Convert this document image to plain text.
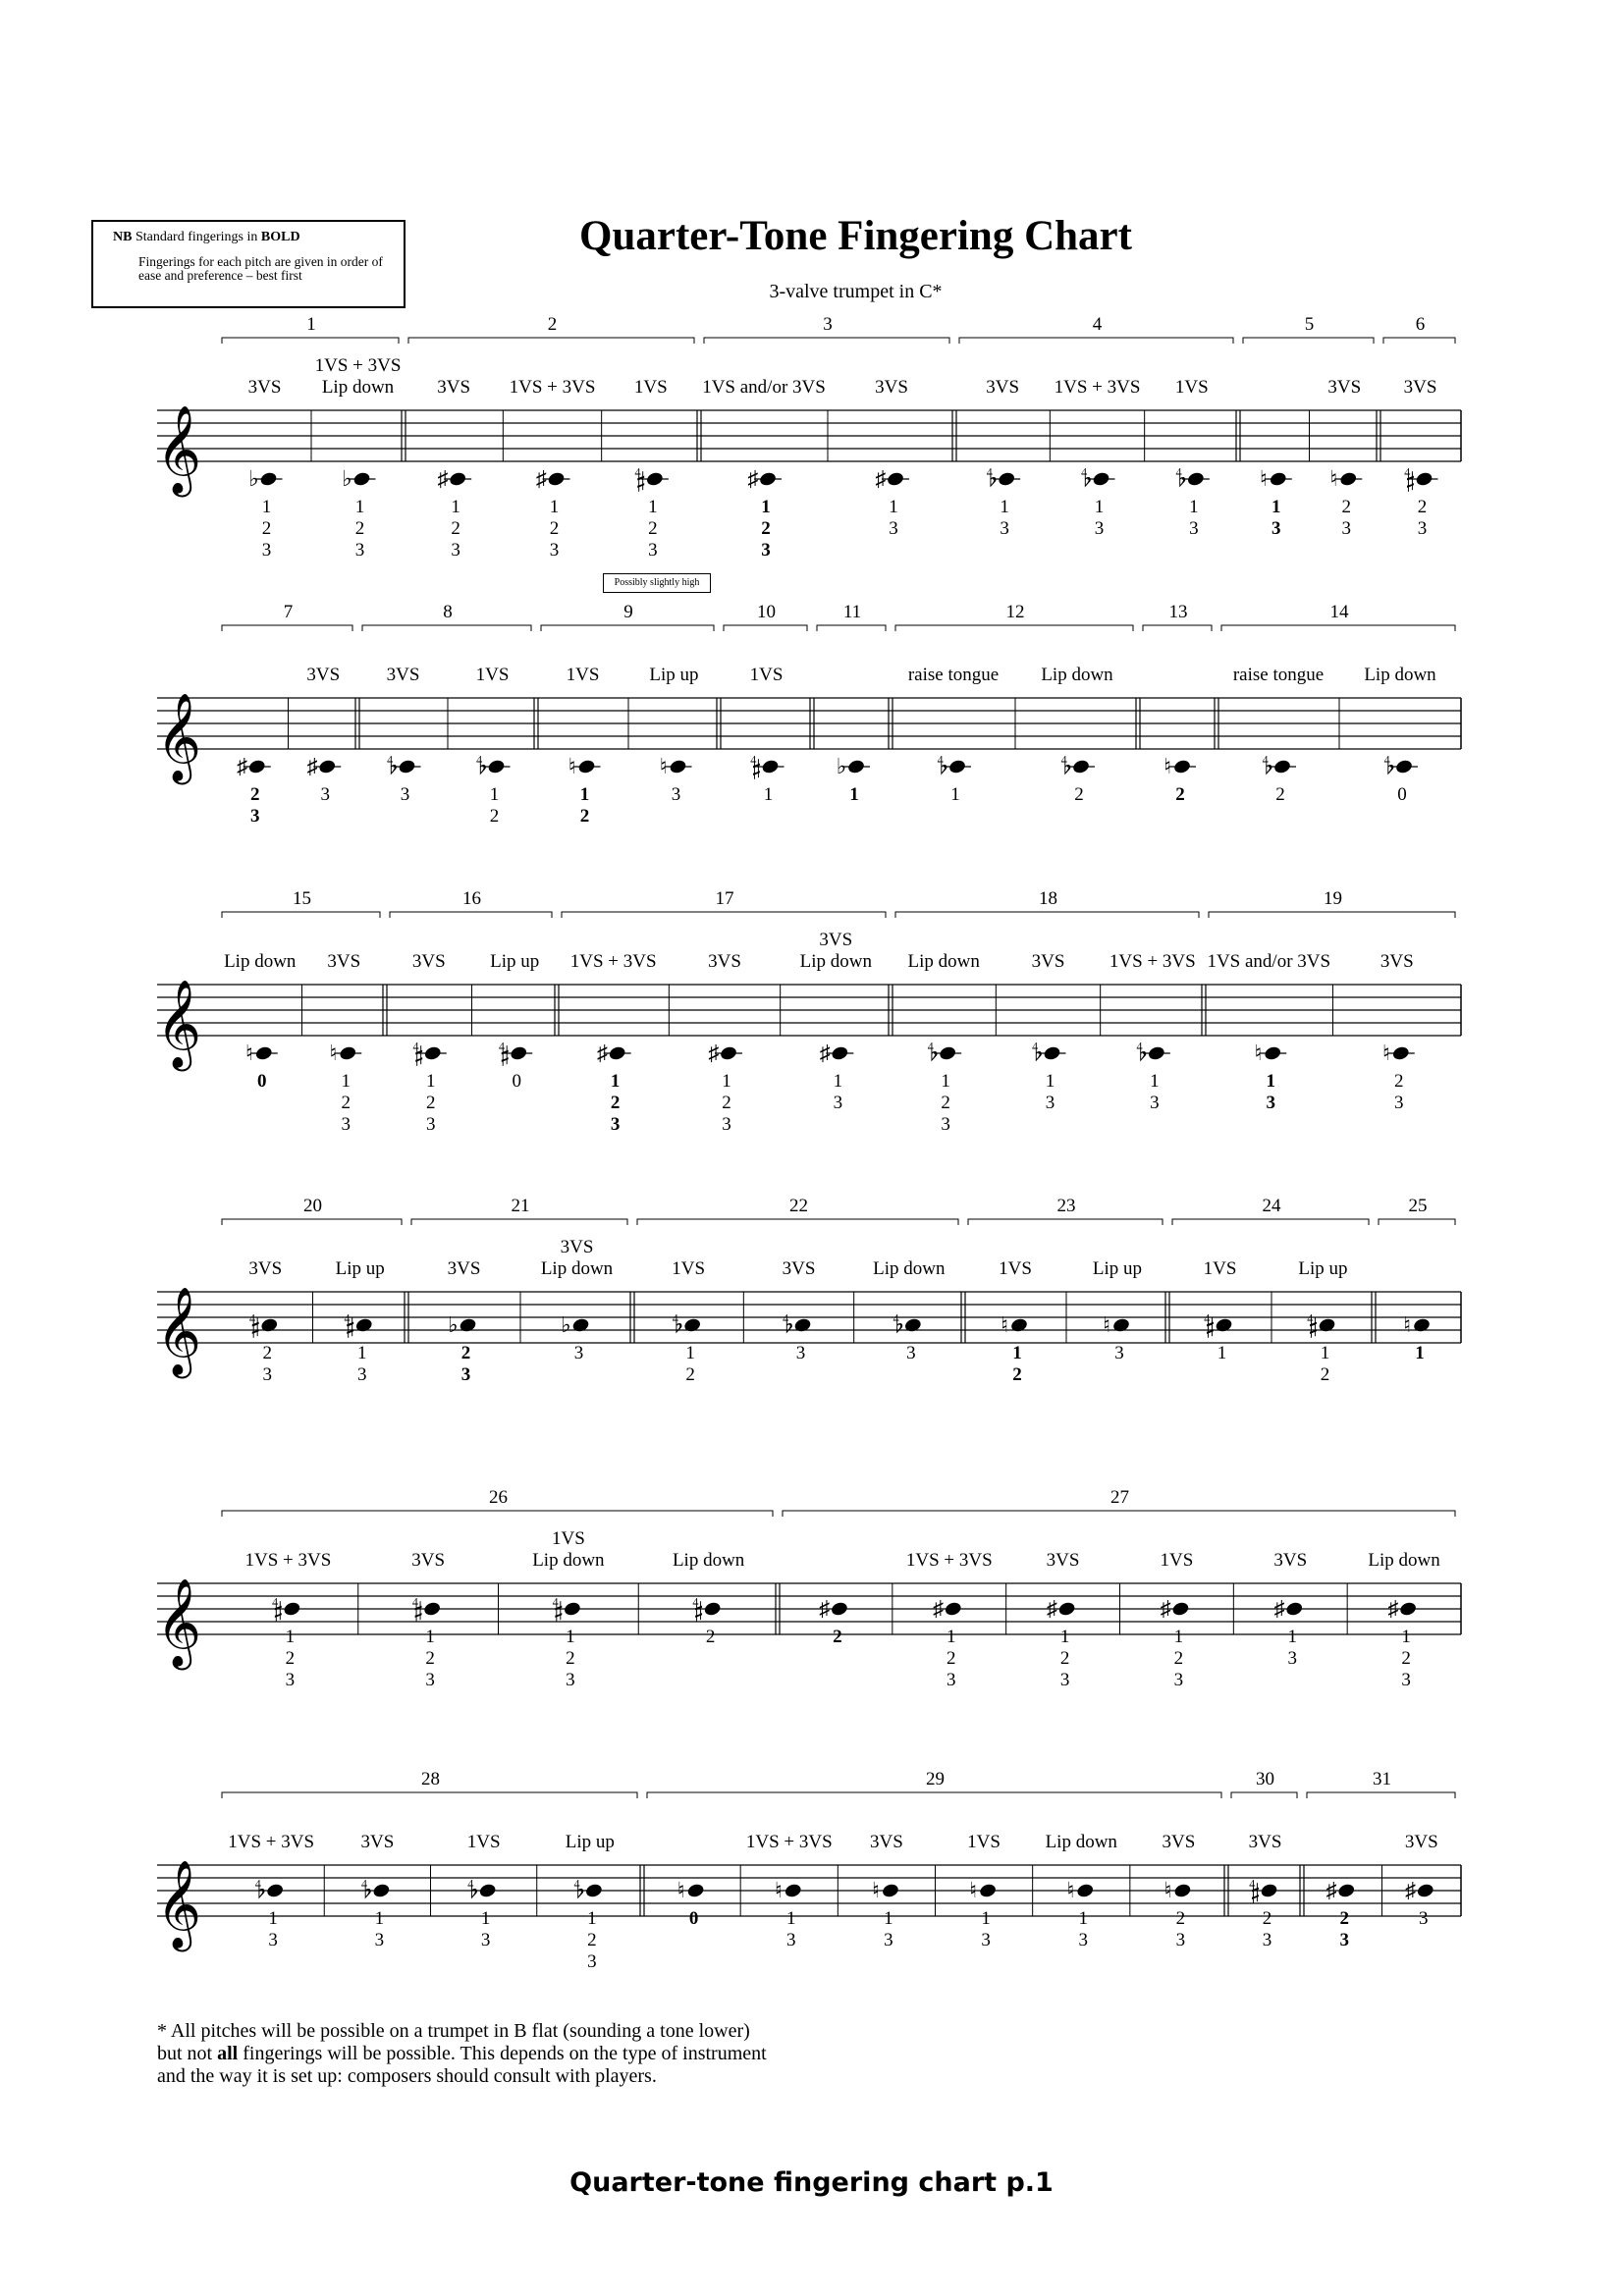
NB Standard fingerings in BOLD
Fingerings for each pitch are given in order of ease and preference – best first
Quarter-Tone Fingering Chart
3-valve trumpet in C*
𝄞
1
3VS
♭
1
2
3
1VS + 3VS
Lip down
♭
1
2
3
2
3VS
♯
1
2
3
1VS + 3VS
♯
1
2
3
1VS
𝄲
1
2
3
3
1VS and/or 3VS
♯
1
2
3
3VS
♯
1
3
4
3VS
𝄳
1
3
1VS + 3VS
𝄳
1
3
1VS
𝄳
1
3
5
♮
1
3
3VS
♮
2
3
6
3VS
𝄲
2
3
𝄞
7
♯
2
3
3VS
♯
3
8
3VS
𝄳
3
1VS
𝄳
1
2
9
1VS
♮
1
2
Lip up
♮
3
10
1VS
𝄲
1
11
♭
1
12
raise tongue
𝄳
1
Lip down
𝄳
2
13
♮
2
14
raise tongue
𝄳
2
Lip down
𝄳
0
𝄞
15
Lip down
♮
0
3VS
♮
1
2
3
16
3VS
𝄲
1
2
3
Lip up
𝄲
0
17
1VS + 3VS
♯
1
2
3
3VS
♯
1
2
3
3VS
Lip down
♯
1
3
18
Lip down
𝄳
1
2
3
3VS
𝄳
1
3
1VS + 3VS
𝄳
1
3
19
1VS and/or 3VS
♮
1
3
3VS
♮
2
3
𝄞
20
3VS
𝄲
2
3
Lip up
𝄲
1
3
21
3VS
♭
2
3
3VS
Lip down
♭
3
22
1VS
𝄳
1
2
3VS
𝄳
3
Lip down
𝄳
3
23
1VS
♮
1
2
Lip up
♮
3
24
1VS
𝄲
1
Lip up
𝄲
1
2
25
♮
1
𝄞
26
1VS + 3VS
𝄲
1
2
3
3VS
𝄲
1
2
3
1VS
Lip down
𝄲
1
2
3
Lip down
𝄲
2
27
♯
2
1VS + 3VS
♯
1
2
3
3VS
♯
1
2
3
1VS
♯
1
2
3
3VS
♯
1
3
Lip down
♯
1
2
3
𝄞
28
1VS + 3VS
𝄳
1
3
3VS
𝄳
1
3
1VS
𝄳
1
3
Lip up
𝄳
1
2
3
29
♮
0
1VS + 3VS
♮
1
3
3VS
♮
1
3
1VS
♮
1
3
Lip down
♮
1
3
3VS
♮
2
3
30
3VS
𝄲
2
3
31
♯
2
3
3VS
♯
3
Possibly slightly high
* All pitches will be possible on a trumpet in B flat (sounding a tone lower)
but not all fingerings will be possible. This depends on the type of instrument
and the way it is set up: composers should consult with players.
Quarter-tone fingering chart p.1
